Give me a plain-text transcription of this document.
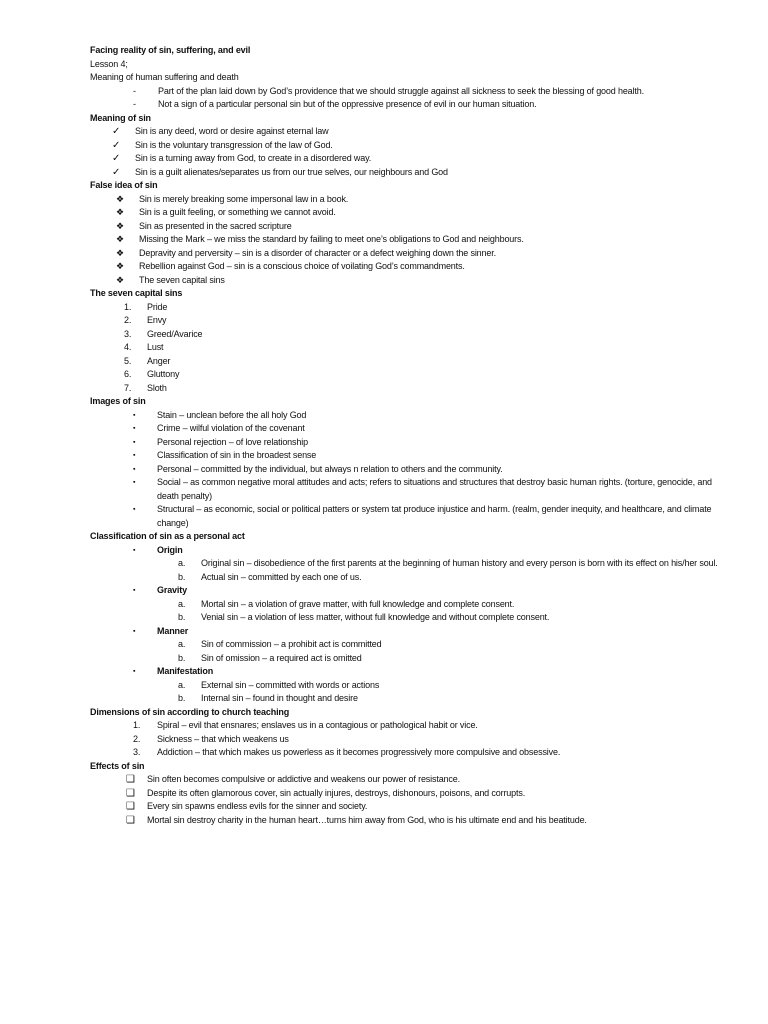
Facing reality of sin, suffering, and evil
Lesson 4;
Meaning of human suffering and death
- Part of the plan laid down by God’s providence that we should struggle against all sickness to seek the blessing of good health.
- Not a sign of a particular personal sin but of the oppressive presence of evil in our human situation.
Meaning of sin
✓ Sin is any deed, word or desire against eternal law
✓ Sin is the voluntary transgression of the law of God.
✓ Sin is a turning away from God, to create in a disordered way.
✓ Sin is a guilt alienates/separates us from our true selves, our neighbours and God
False idea of sin
❖ Sin is merely breaking some impersonal law in a book.
❖ Sin is a guilt feeling, or something we cannot avoid.
❖ Sin as presented in the sacred scripture
❖ Missing the Mark – we miss the standard by failing to meet one’s obligations to God and neighbours.
❖ Depravity and perversity – sin is a disorder of character or a defect weighing down the sinner.
❖ Rebellion against God – sin is a conscious choice of voilating God’s commandments.
❖ The seven capital sins
The seven capital sins
1. Pride
2. Envy
3. Greed/Avarice
4. Lust
5. Anger
6. Gluttony
7. Sloth
Images of sin
▪ Stain – unclean before the all holy God
▪ Crime – wilful violation of the covenant
▪ Personal rejection – of love relationship
▪ Classification of sin in the broadest sense
▪ Personal – committed by the individual, but always n relation to others and the community.
▪ Social – as common negative moral attitudes and acts; refers to situations and structures that destroy basic human rights. (torture, genocide, and death penalty)
▪ Structural – as economic, social or political patters or system tat produce injustice and harm. (realm, gender inequity, and healthcare, and climate change)
Classification of sin as a personal act
▪ Origin
a. Original sin – disobedience of the first parents at the beginning of human history and every person is born with its effect on his/her soul.
b. Actual sin – committed by each one of us.
▪ Gravity
a. Mortal sin – a violation of grave matter, with full knowledge and complete consent.
b. Venial sin – a violation of less matter, without full knowledge and without complete consent.
▪ Manner
a. Sin of commission – a prohibit act is committed
b. Sin of omission – a required act is omitted
▪ Manifestation
a. External sin – committed with words or actions
b. Internal sin – found in thought and desire
Dimensions of sin according to church teaching
1. Spiral – evil that ensnares; enslaves us in a contagious or pathological habit or vice.
2. Sickness – that which weakens us
3. Addiction – that which makes us powerless as it becomes progressively more compulsive and obsessive.
Effects of sin
❑ Sin often becomes compulsive or addictive and weakens our power of resistance.
❑ Despite its often glamorous cover, sin actually injures, destroys, dishonours, poisons, and corrupts.
❑ Every sin spawns endless evils for the sinner and society.
❑ Mortal sin destroy charity in the human heart…turns him away from God, who is his ultimate end and his beatitude.
